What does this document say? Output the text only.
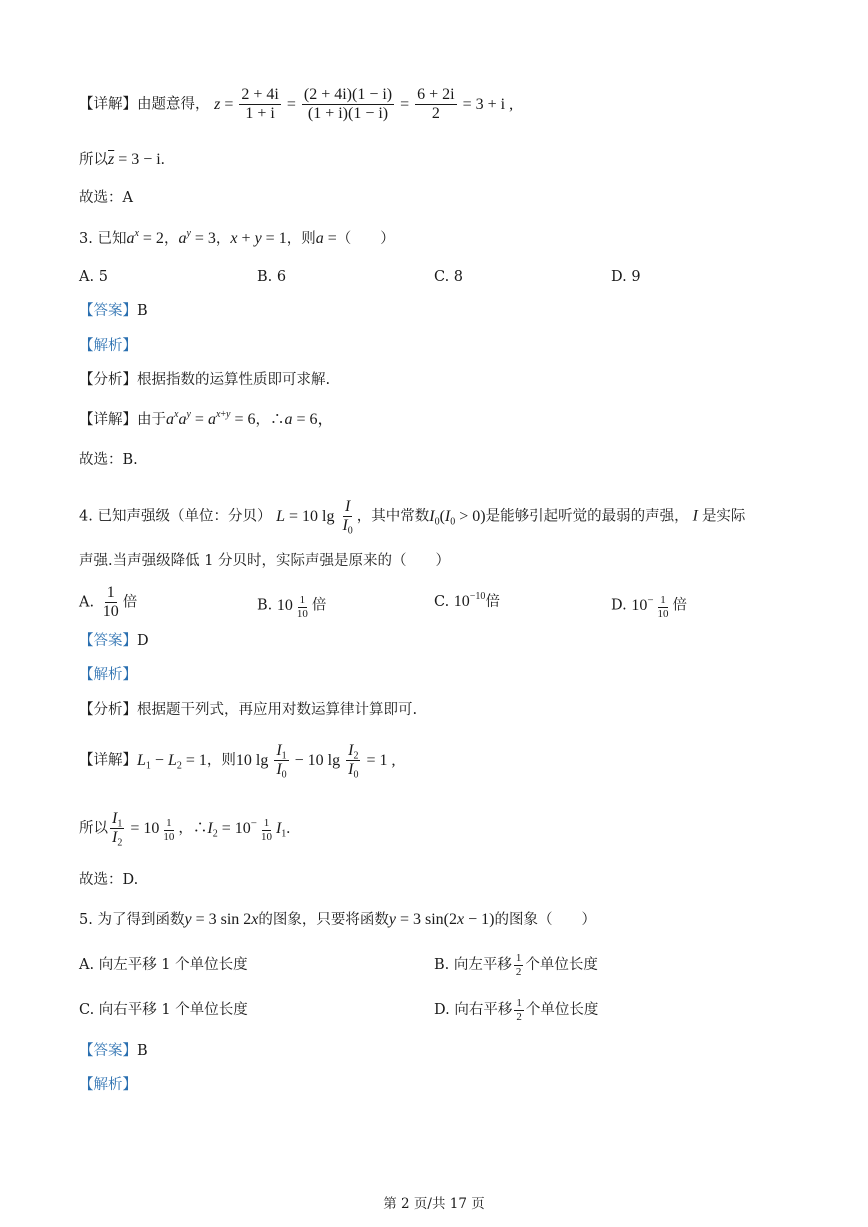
【详解】由题意得， $z = \frac{2 + 4i}{1 + i} = \frac{(2 + 4i)(1 - i)}{(1 + i)(1 - i)} = \frac{6 + 2i}{2} = 3 + i$ ,
所以$\overline{z} = 3 - i$.
故选：A
3. 已知$a^x = 2$，$a^y = 3$，x + y = 1，则a =（　　）
A. 5	B. 6	C. 8	D. 9
【答案】B
【解析】
【分析】根据指数的运算性质即可求解.
【详解】由于$a^xa^y = a^{x+y} = 6$，∴a = 6，
故选：B.
4. 已知声强级（单位：分贝） L = 10 $\lg \frac{I}{I_0}$ ，其中常数$I_0(I_0 > 0)$是能够引起听觉的最弱的声强， I 是实际
声强.当声强级降低 1 分贝时，实际声强是原来的（　　）
A. $\frac{1}{10}$ 倍	B. $10 \frac{1}{10}$ 倍	C. $10^{-10}$倍	D. $10^- \frac{1}{10}$ 倍
【答案】D
【解析】
【分析】根据题干列式，再应用对数运算律计算即可.
【详解】$L_1 - L_2 = 1$，则10 $\lg \frac{I_1}{I_0} - 10$ $\lg \frac{I_2}{I_0} = 1$ ,
所以 $\frac{I_1}{I_2} = 10 \frac{1}{10}$ ，$\therefore I_2 = 10^- \frac{1}{10} I_1$.
故选：D.
5. 为了得到函数y = 3 sin 2x的图象，只要将函数y = 3 sin(2x − 1)的图象（　　）
A. 向左平移 1 个单位长度	B. 向左平移 $\frac{1}{2}$ 个单位长度
C. 向右平移 1 个单位长度	D. 向右平移 $\frac{1}{2}$ 个单位长度
【答案】B
【解析】
第 2 页/共 17 页
